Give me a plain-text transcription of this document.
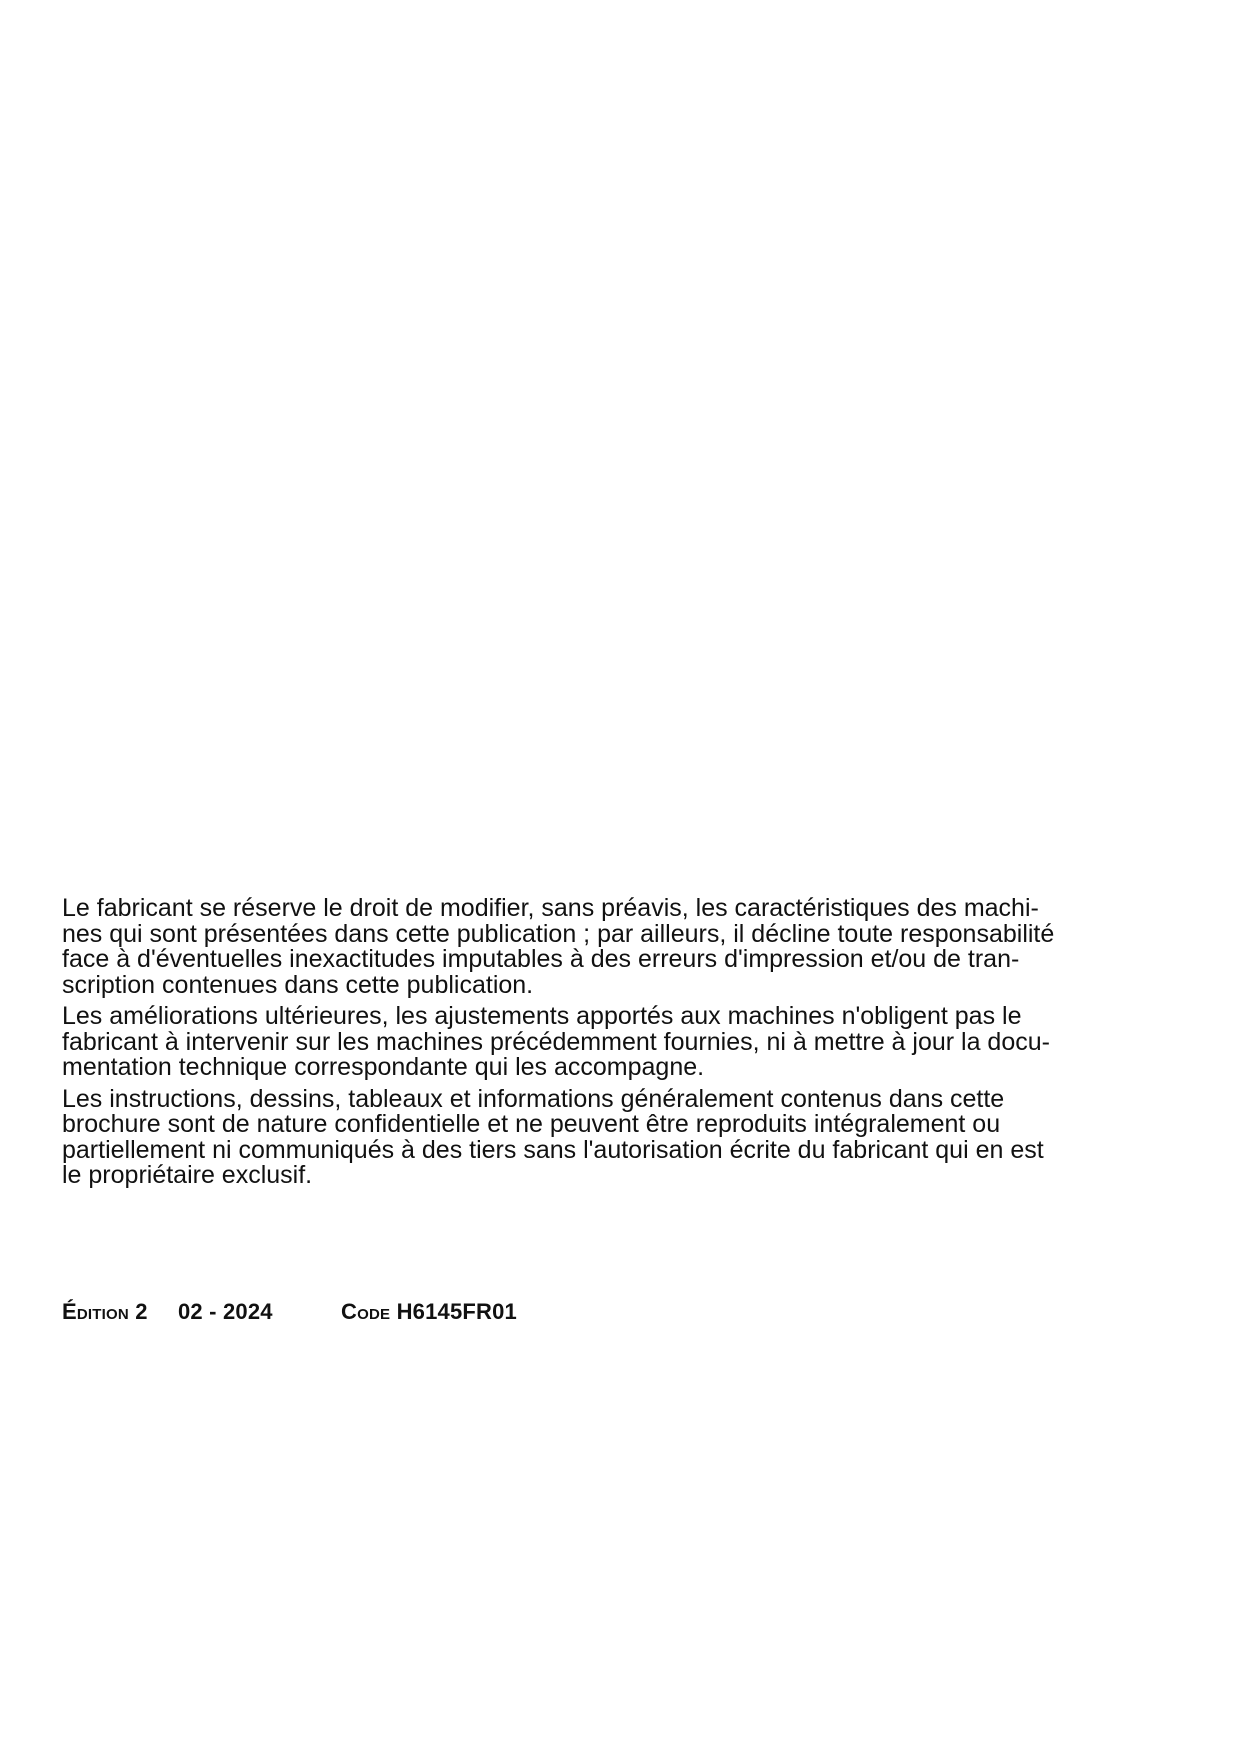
Le fabricant se réserve le droit de modifier, sans préavis, les caractéristiques des machi-
nes qui sont présentées dans cette publication ; par ailleurs, il décline toute responsabilité
face à d'éventuelles inexactitudes imputables à des erreurs d'impression et/ou de tran-
scription contenues dans cette publication.

Les améliorations ultérieures, les ajustements apportés aux machines n'obligent pas le
fabricant à intervenir sur les machines précédemment fournies, ni à mettre à jour la docu-
mentation technique correspondante qui les accompagne.

Les instructions, dessins, tableaux et informations généralement contenus dans cette
brochure sont de nature confidentielle et ne peuvent être reproduits intégralement ou
partiellement ni communiqués à des tiers sans l'autorisation écrite du fabricant qui en est
le propriétaire exclusif.

Édition 2 02 - 2024	Code H6145FR01
